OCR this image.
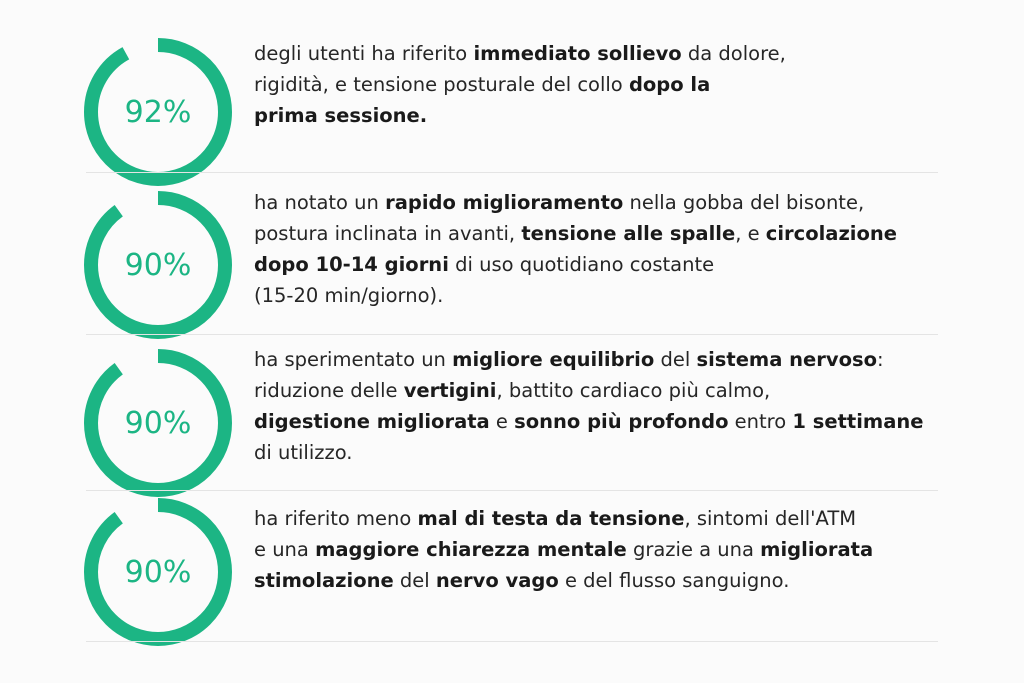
92%

degli utenti ha riferito immediato sollievo da dolore,
rigidità, e tensione posturale del collo dopo la
prima sessione.

90%

ha notato un rapido miglioramento nella gobba del bisonte,
postura inclinata in avanti, tensione alle spalle, e circolazione
dopo 10-14 giorni di uso quotidiano costante
(15-20 min/giorno).

90%

ha sperimentato un migliore equilibrio del sistema nervoso:
riduzione delle vertigini, battito cardiaco più calmo,
digestione migliorata e sonno più profondo entro 1 settimane
di utilizzo.

90%

ha riferito meno mal di testa da tensione, sintomi dell'ATM
e una maggiore chiarezza mentale grazie a una migliorata
stimolazione del nervo vago e del flusso sanguigno.
